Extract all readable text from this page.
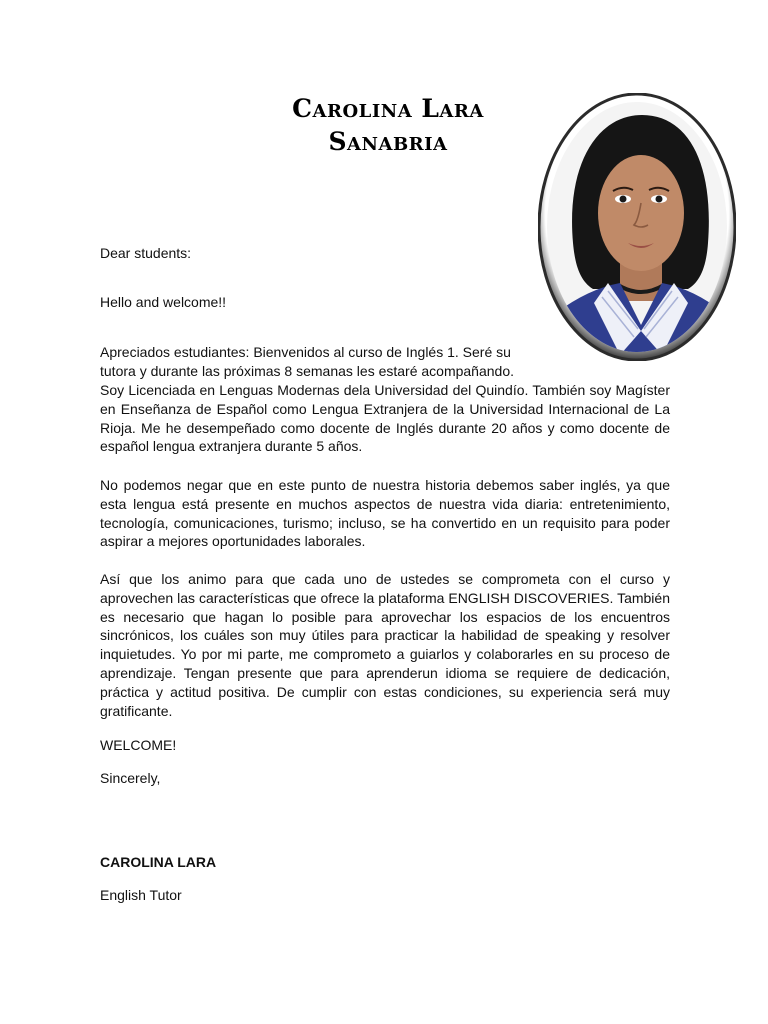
Carolina Lara
Sanabria

Dear students:

Hello and welcome!!

Apreciados estudiantes: Bienvenidos al curso de Inglés 1. Seré su

tutora y durante las próximas 8 semanas les estaré acompañando.

Soy Licenciada en Lenguas Modernas dela Universidad del Quindío. También soy Magíster en Enseñanza de Español como Lengua Extranjera de la Universidad Internacional de La Rioja. Me he desempeñado como docente de Inglés durante 20 años y como docente de español lengua extranjera durante 5 años.

No podemos negar que en este punto de nuestra historia debemos saber inglés, ya que esta lengua está presente en muchos aspectos de nuestra vida diaria: entretenimiento, tecnología, comunicaciones, turismo; incluso, se ha convertido en un requisito para poder aspirar a mejores oportunidades laborales.

Así que los animo para que cada uno de ustedes se comprometa con el curso y aprovechen las características que ofrece la plataforma ENGLISH DISCOVERIES. También es necesario que hagan lo posible para aprovechar los espacios de los encuentros sincrónicos, los cuáles son muy útiles para practicar la habilidad de speaking y resolver inquietudes. Yo por mi parte, me comprometo a guiarlos y colaborarles en su proceso de aprendizaje. Tengan presente que para aprenderun idioma se requiere de dedicación, práctica y actitud positiva. De cumplir con estas condiciones, su experiencia será muy gratificante.

WELCOME!

Sincerely,

CAROLINA LARA

English Tutor
